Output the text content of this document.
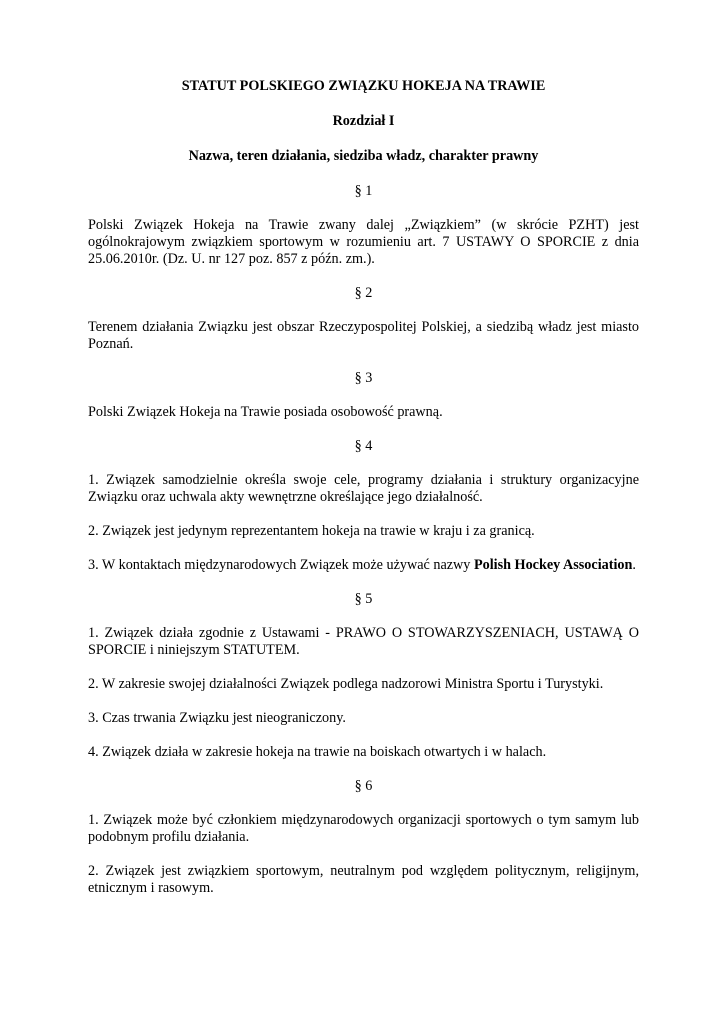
STATUT POLSKIEGO ZWIĄZKU HOKEJA NA TRAWIE
Rozdział I
Nazwa, teren działania, siedziba władz, charakter prawny
§ 1

Polski Związek Hokeja na Trawie zwany dalej „Związkiem” (w skrócie PZHT) jest ogólnokrajowym związkiem sportowym w rozumieniu art. 7 USTAWY O SPORCIE z dnia 25.06.2010r. (Dz. U. nr 127 poz. 857 z późn. zm.).

§ 2

Terenem działania Związku jest obszar Rzeczypospolitej Polskiej, a siedzibą władz jest miasto Poznań.

§ 3

Polski Związek Hokeja na Trawie posiada osobowość prawną.

§ 4

1. Związek samodzielnie określa swoje cele, programy działania i struktury organizacyjne Związku oraz uchwala akty wewnętrzne określające jego działalność.

2. Związek jest jedynym reprezentantem hokeja na trawie w kraju i za granicą.

3. W kontaktach międzynarodowych Związek może używać nazwy Polish Hockey Association.

§ 5

1. Związek działa zgodnie z Ustawami - PRAWO O STOWARZYSZENIACH, USTAWĄ O SPORCIE i niniejszym STATUTEM.

2. W zakresie swojej działalności Związek podlega nadzorowi Ministra Sportu i Turystyki.

3. Czas trwania Związku jest nieograniczony.

4. Związek działa w zakresie hokeja na trawie na boiskach otwartych i w halach.

§ 6

1. Związek może być członkiem międzynarodowych organizacji sportowych o tym samym lub podobnym profilu działania.

2. Związek jest związkiem sportowym, neutralnym pod względem politycznym, religijnym, etnicznym i rasowym.
